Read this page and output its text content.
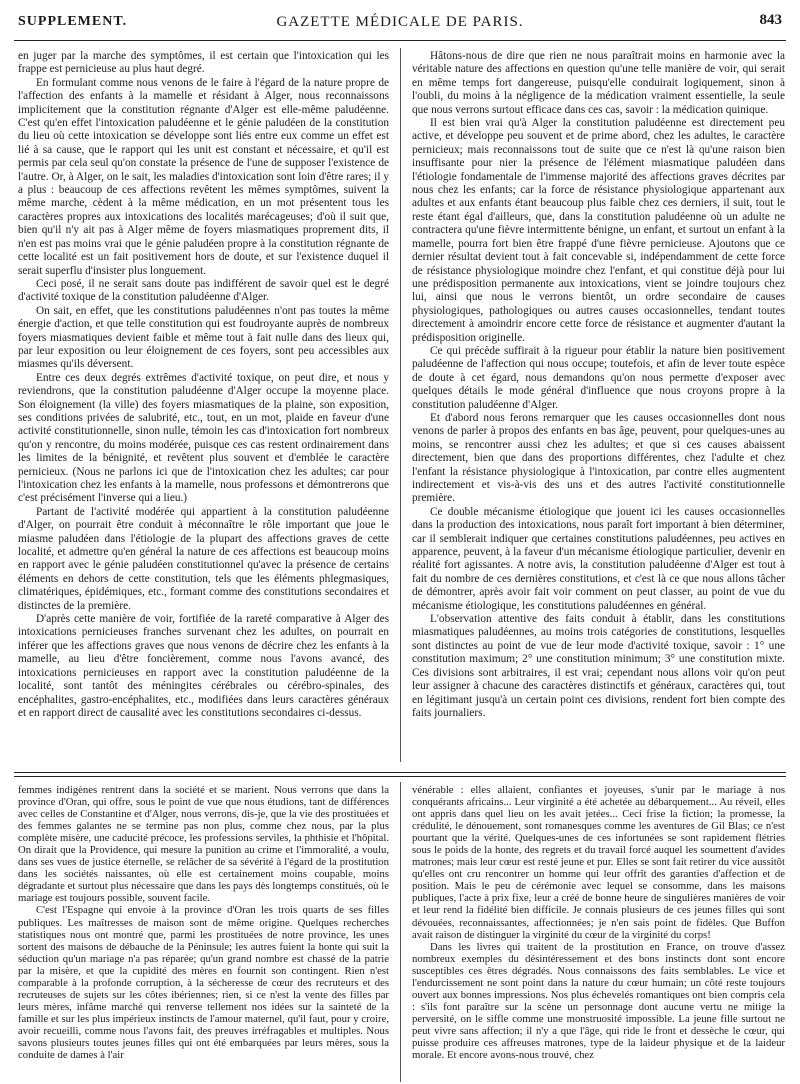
SUPPLEMENT.	GAZETTE MÉDICALE DE PARIS.	843

en juger par la marche des symptômes, il est certain que l'intoxication qui les frappe est pernicieuse au plus haut degré.

En formulant comme nous venons de le faire à l'égard de la nature propre de l'affection des enfants à la mamelle et résidant à Alger, nous reconnaissons implicitement que la constitution régnante d'Alger est elle-même paludéenne. C'est qu'en effet l'intoxication paludéenne et le génie paludéen de la constitution du lieu où cette intoxication se développe sont liés entre eux comme un effet est lié à sa cause, que le rapport qui les unit est constant et nécessaire, et qu'il est permis par cela seul qu'on constate la présence de l'une de supposer l'existence de l'autre. Or, à Alger, on le sait, les maladies d'intoxication sont loin d'être rares; il y a plus : beaucoup de ces affections revêtent les mêmes symptômes, suivent la même marche, cèdent à la même médication, en un mot présentent tous les caractères propres aux intoxications des localités marécageuses; d'où il suit que, bien qu'il n'y ait pas à Alger même de foyers miasmatiques proprement dits, il n'en est pas moins vrai que le génie paludéen propre à la constitution régnante de cette localité est un fait positivement hors de doute, et sur l'existence duquel il serait superflu d'insister plus longuement.

Ceci posé, il ne serait sans doute pas indifférent de savoir quel est le degré d'activité toxique de la constitution paludéenne d'Alger.

On sait, en effet, que les constitutions paludéennes n'ont pas toutes la même énergie d'action, et que telle constitution qui est foudroyante auprès de nombreux foyers miasmatiques devient faible et même tout à fait nulle dans des lieux qui, par leur exposition ou leur éloignement de ces foyers, sont peu accessibles aux miasmes qu'ils déversent.

Entre ces deux degrés extrêmes d'activité toxique, on peut dire, et nous y reviendrons, que la constitution paludéenne d'Alger occupe la moyenne place. Son éloignement (la ville) des foyers miasmatiques de la plaine, son exposition, ses conditions privées de salubrité, etc., tout, en un mot, plaide en faveur d'une activité constitutionnelle, sinon nulle, témoin les cas d'intoxication fort nombreux qu'on y rencontre, du moins modérée, puisque ces cas restent ordinairement dans les limites de la bénignité, et revêtent plus souvent et d'emblée le caractère pernicieux. (Nous ne parlons ici que de l'intoxication chez les adultes; car pour l'intoxication chez les enfants à la mamelle, nous professons et démontrerons que c'est précisément l'inverse qui a lieu.)

Partant de l'activité modérée qui appartient à la constitution paludéenne d'Alger, on pourrait être conduit à méconnaître le rôle important que joue le miasme paludéen dans l'étiologie de la plupart des affections graves de cette localité, et admettre qu'en général la nature de ces affections est beaucoup moins en rapport avec le génie paludéen constitutionnel qu'avec la présence de certains éléments en dehors de cette constitution, tels que les éléments phlegmasiques, climatériques, épidémiques, etc., formant comme des constitutions secondaires et distinctes de la première.

D'après cette manière de voir, fortifiée de la rareté comparative à Alger des intoxications pernicieuses franches survenant chez les adultes, on pourrait en inférer que les affections graves que nous venons de décrire chez les enfants à la mamelle, au lieu d'être foncièrement, comme nous l'avons avancé, des intoxications pernicieuses en rapport avec la constitution paludéenne de la localité, sont tantôt des méningites cérébrales ou cérébro-spinales, des encéphalites, gastro-encéphalites, etc., modifiées dans leurs caractères généraux et en rapport direct de causalité avec les constitutions secondaires ci-dessus.

Hâtons-nous de dire que rien ne nous paraîtrait moins en harmonie avec la véritable nature des affections en question qu'une telle manière de voir, qui serait en même temps fort dangereuse, puisqu'elle conduirait logiquement, sinon à l'oubli, du moins à la négligence de la médication vraiment essentielle, la seule que nous verrons surtout efficace dans ces cas, savoir : la médication quinique.

Il est bien vrai qu'à Alger la constitution paludéenne est directement peu active, et développe peu souvent et de prime abord, chez les adultes, le caractère pernicieux; mais reconnaissons tout de suite que ce n'est là qu'une raison bien insuffisante pour nier la présence de l'élément miasmatique paludéen dans l'étiologie fondamentale de l'immense majorité des affections graves décrites par nous chez les enfants; car la force de résistance physiologique appartenant aux adultes et aux enfants étant beaucoup plus faible chez ces derniers, il suit, tout le reste étant égal d'ailleurs, que, dans la constitution paludéenne où un adulte ne contractera qu'une fièvre intermittente bénigne, un enfant, et surtout un enfant à la mamelle, pourra fort bien être frappé d'une fièvre pernicieuse. Ajoutons que ce dernier résultat devient tout à fait concevable si, indépendamment de cette force de résistance physiologique moindre chez l'enfant, et qui constitue déjà pour lui une prédisposition permanente aux intoxications, vient se joindre toujours chez lui, ainsi que nous le verrons bientôt, un ordre secondaire de causes physiologiques, pathologiques ou autres causes occasionnelles, tendant toutes directement à amoindrir encore cette force de résistance et augmenter d'autant la prédisposition originelle.

Ce qui précède suffirait à la rigueur pour établir la nature bien positivement paludéenne de l'affection qui nous occupe; toutefois, et afin de lever toute espèce de doute à cet égard, nous demandons qu'on nous permette d'exposer avec quelques détails le mode général d'influence que nous croyons propre à la constitution paludéenne d'Alger.

Et d'abord nous ferons remarquer que les causes occasionnelles dont nous venons de parler à propos des enfants en bas âge, peuvent, pour quelques-unes au moins, se rencontrer aussi chez les adultes; et que si ces causes abaissent directement, bien que dans des proportions différentes, chez l'adulte et chez l'enfant la résistance physiologique à l'intoxication, par contre elles augmentent indirectement et vis-à-vis des uns et des autres l'activité constitutionnelle première.

Ce double mécanisme étiologique que jouent ici les causes occasionnelles dans la production des intoxications, nous paraît fort important à bien déterminer, car il semblerait indiquer que certaines constitutions paludéennes, peu actives en apparence, peuvent, à la faveur d'un mécanisme étiologique particulier, devenir en réalité fort agissantes. A notre avis, la constitution paludéenne d'Alger est tout à fait du nombre de ces dernières constitutions, et c'est là ce que nous allons tâcher de démontrer, après avoir fait voir comment on peut classer, au point de vue du mécanisme étiologique, les constitutions paludéennes en général.

L'observation attentive des faits conduit à établir, dans les constitutions miasmatiques paludéennes, au moins trois catégories de constitutions, lesquelles sont distinctes au point de vue de leur mode d'activité toxique, savoir : 1° une constitution maximum; 2° une constitution minimum; 3° une constitution mixte. Ces divisions sont arbitraires, il est vrai; cependant nous allons voir qu'on peut leur assigner à chacune des caractères distinctifs et généraux, caractères qui, tout en légitimant jusqu'à un certain point ces divisions, rendent fort bien compte des faits journaliers.

femmes indigènes rentrent dans la société et se marient. Nous verrons que dans la province d'Oran, qui offre, sous le point de vue que nous étudions, tant de différences avec celles de Constantine et d'Alger, nous verrons, dis-je, que la vie des prostituées et des femmes galantes ne se termine pas non plus, comme chez nous, par la plus complète misère, une caducité précoce, les professions serviles, la phthisie et l'hôpital. On dirait que la Providence, qui mesure la punition au crime et l'immoralité, a voulu, dans ses vues de justice éternelle, se relâcher de sa sévérité à l'égard de la prostitution dans les sociétés naissantes, où elle est certainement moins coupable, moins dégradante et surtout plus nécessaire que dans les pays dès longtemps constitués, où le mariage est toujours possible, souvent facile.

C'est l'Espagne qui envoie à la province d'Oran les trois quarts de ses filles publiques. Les maîtresses de maison sont de même origine. Quelques recherches statistiques nous ont montré que, parmi les prostituées de notre province, les unes sortent des maisons de débauche de la Péninsule; les autres fuient la honte qui suit la séduction qu'un mariage n'a pas réparée; qu'un grand nombre est chassé de la patrie par la misère, et que la cupidité des mères en fournit son contingent. Rien n'est comparable à la profonde corruption, à la sécheresse de cœur des recruteurs et des recruteuses de sujets sur les côtes ibériennes; rien, si ce n'est la vente des filles par leurs mères, infâme marché qui renverse tellement nos idées sur la sainteté de la famille et sur les plus impérieux instincts de l'amour maternel, qu'il faut, pour y croire, avoir recueilli, comme nous l'avons fait, des preuves irréfragables et multiples. Nous savons plusieurs toutes jeunes filles qui ont été embarquées par leurs mères, sous la conduite de dames à l'air

vénérable : elles allaient, confiantes et joyeuses, s'unir par le mariage à nos conquérants africains... Leur virginité a été achetée au débarquement... Au réveil, elles ont appris dans quel lieu on les avait jetées... Ceci frise la fiction; la promesse, la crédulité, le dénouement, sont romanesques comme les aventures de Gil Blas; ce n'est pourtant que la vérité. Quelques-unes de ces infortunées se sont rapidement flétries sous le poids de la honte, des regrets et du travail forcé auquel les soumettent d'avides matrones; mais leur cœur est resté jeune et pur. Elles se sont fait retirer du vice aussitôt qu'elles ont cru rencontrer un homme qui leur offrît des garanties d'affection et de position. Mais le peu de cérémonie avec lequel se consomme, dans les maisons publiques, l'acte à prix fixe, leur a créé de bonne heure de singulières manières de voir et leur rend la fidélité bien difficile. Je connais plusieurs de ces jeunes filles qui sont dévouées, reconnaissantes, affectionnées; je n'en sais point de fidèles. Que Buffon avait raison de distinguer la virginité du cœur de la virginité du corps!

Dans les livres qui traitent de la prostitution en France, on trouve d'assez nombreux exemples du désintéressement et des bons instincts dont sont encore susceptibles ces êtres dégradés. Nous connaissons des faits semblables. Le vice et l'endurcissement ne sont point dans la nature du cœur humain; un côté reste toujours ouvert aux bonnes impressions. Nos plus échevelés romantiques ont bien compris cela : s'ils font paraître sur la scène un personnage dont aucune vertu ne mitige la perversité, on le siffle comme une monstruosité impossible. La jeune fille surtout ne peut vivre sans affection; il n'y a que l'âge, qui ride le front et dessèche le cœur, qui puisse produire ces affreuses matrones, type de la laideur physique et de la laideur morale. Et encore avons-nous trouvé, chez
